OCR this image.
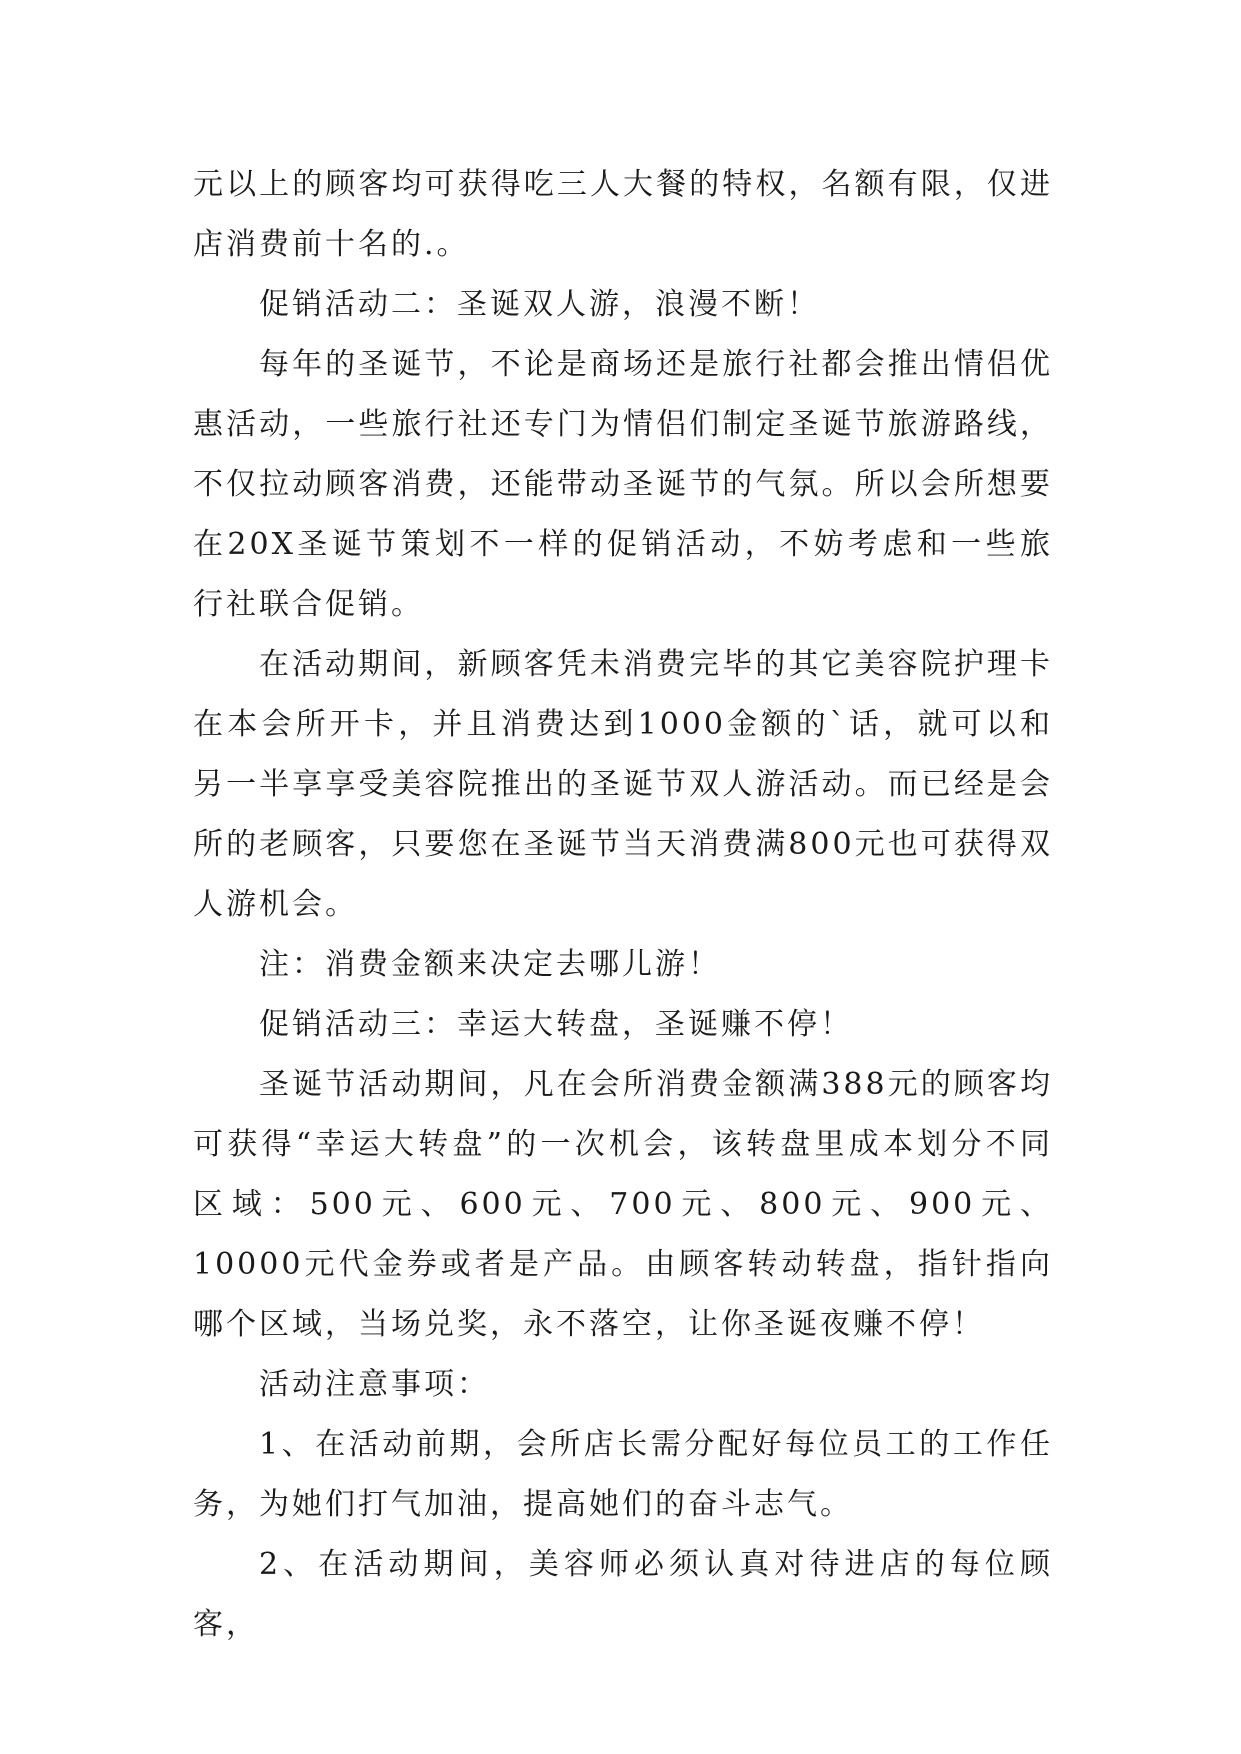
元以上的顾客均可获得吃三人大餐的特权，名额有限，仅进店消费前十名的.。

促销活动二：圣诞双人游，浪漫不断！

每年的圣诞节，不论是商场还是旅行社都会推出情侣优惠活动，一些旅行社还专门为情侣们制定圣诞节旅游路线，不仅拉动顾客消费，还能带动圣诞节的气氛。所以会所想要在20X圣诞节策划不一样的促销活动，不妨考虑和一些旅行社联合促销。

在活动期间，新顾客凭未消费完毕的其它美容院护理卡在本会所开卡，并且消费达到1000金额的`话，就可以和另一半享享受美容院推出的圣诞节双人游活动。而已经是会所的老顾客，只要您在圣诞节当天消费满800元也可获得双人游机会。

注：消费金额来决定去哪儿游！

促销活动三：幸运大转盘，圣诞赚不停！

圣诞节活动期间，凡在会所消费金额满388元的顾客均可获得“幸运大转盘”的一次机会，该转盘里成本划分不同区域：500元、600元、700元、800元、900元、10000元代金券或者是产品。由顾客转动转盘，指针指向哪个区域，当场兑奖，永不落空，让你圣诞夜赚不停！

活动注意事项：

1、在活动前期，会所店长需分配好每位员工的工作任务，为她们打气加油，提高她们的奋斗志气。

2、在活动期间，美容师必须认真对待进店的每位顾客，
